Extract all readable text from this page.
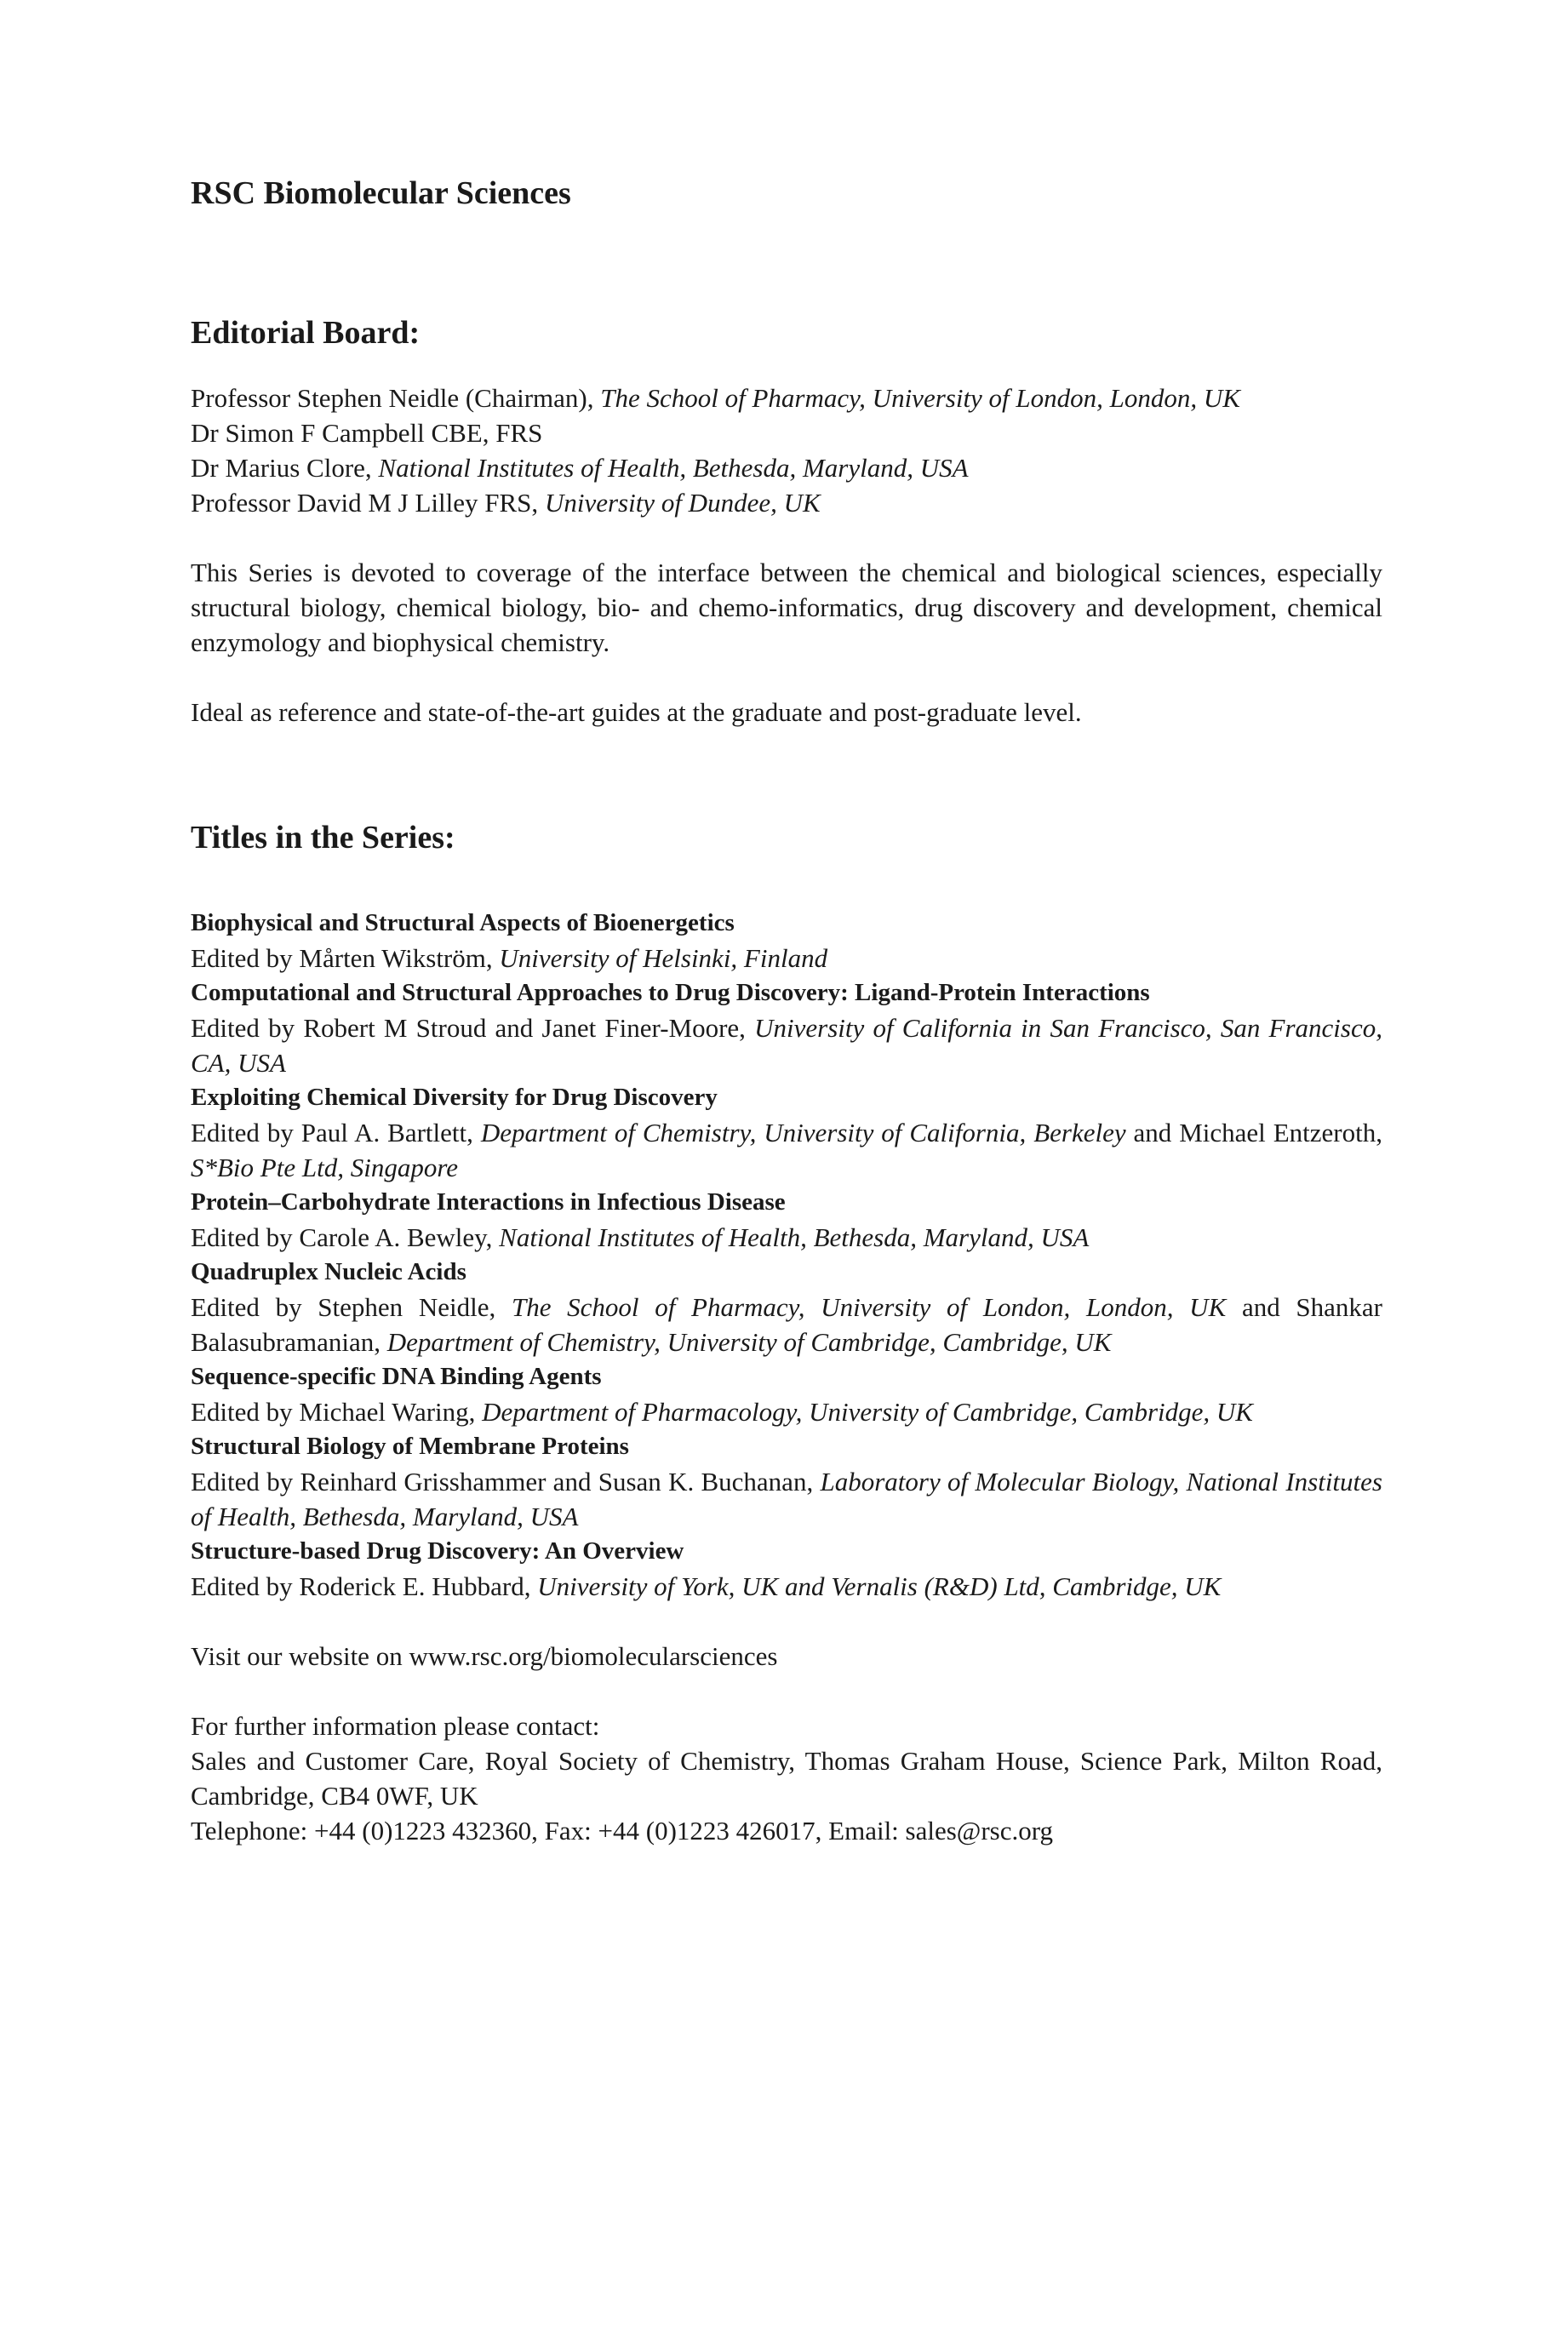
RSC Biomolecular Sciences
Editorial Board:
Professor Stephen Neidle (Chairman), The School of Pharmacy, University of London, London, UK
Dr Simon F Campbell CBE, FRS
Dr Marius Clore, National Institutes of Health, Bethesda, Maryland, USA
Professor David M J Lilley FRS, University of Dundee, UK

This Series is devoted to coverage of the interface between the chemical and biological sciences, especially structural biology, chemical biology, bio- and chemo-informatics, drug discovery and development, chemical enzymology and biophysical chemistry.

Ideal as reference and state-of-the-art guides at the graduate and post-graduate level.

Titles in the Series:
Biophysical and Structural Aspects of Bioenergetics
Edited by Mårten Wikström, University of Helsinki, Finland
Computational and Structural Approaches to Drug Discovery: Ligand-Protein Interactions
Edited by Robert M Stroud and Janet Finer-Moore, University of California in San Francisco, San Francisco, CA, USA
Exploiting Chemical Diversity for Drug Discovery
Edited by Paul A. Bartlett, Department of Chemistry, University of California, Berkeley and Michael Entzeroth, S*Bio Pte Ltd, Singapore
Protein–Carbohydrate Interactions in Infectious Disease
Edited by Carole A. Bewley, National Institutes of Health, Bethesda, Maryland, USA
Quadruplex Nucleic Acids
Edited by Stephen Neidle, The School of Pharmacy, University of London, London, UK and Shankar Balasubramanian, Department of Chemistry, University of Cambridge, Cambridge, UK
Sequence-specific DNA Binding Agents
Edited by Michael Waring, Department of Pharmacology, University of Cambridge, Cambridge, UK
Structural Biology of Membrane Proteins
Edited by Reinhard Grisshammer and Susan K. Buchanan, Laboratory of Molecular Biology, National Institutes of Health, Bethesda, Maryland, USA
Structure-based Drug Discovery: An Overview
Edited by Roderick E. Hubbard, University of York, UK and Vernalis (R&D) Ltd, Cambridge, UK

Visit our website on www.rsc.org/biomolecularsciences

For further information please contact:
Sales and Customer Care, Royal Society of Chemistry, Thomas Graham House, Science Park, Milton Road, Cambridge, CB4 0WF, UK
Telephone: +44 (0)1223 432360, Fax: +44 (0)1223 426017, Email: sales@rsc.org
